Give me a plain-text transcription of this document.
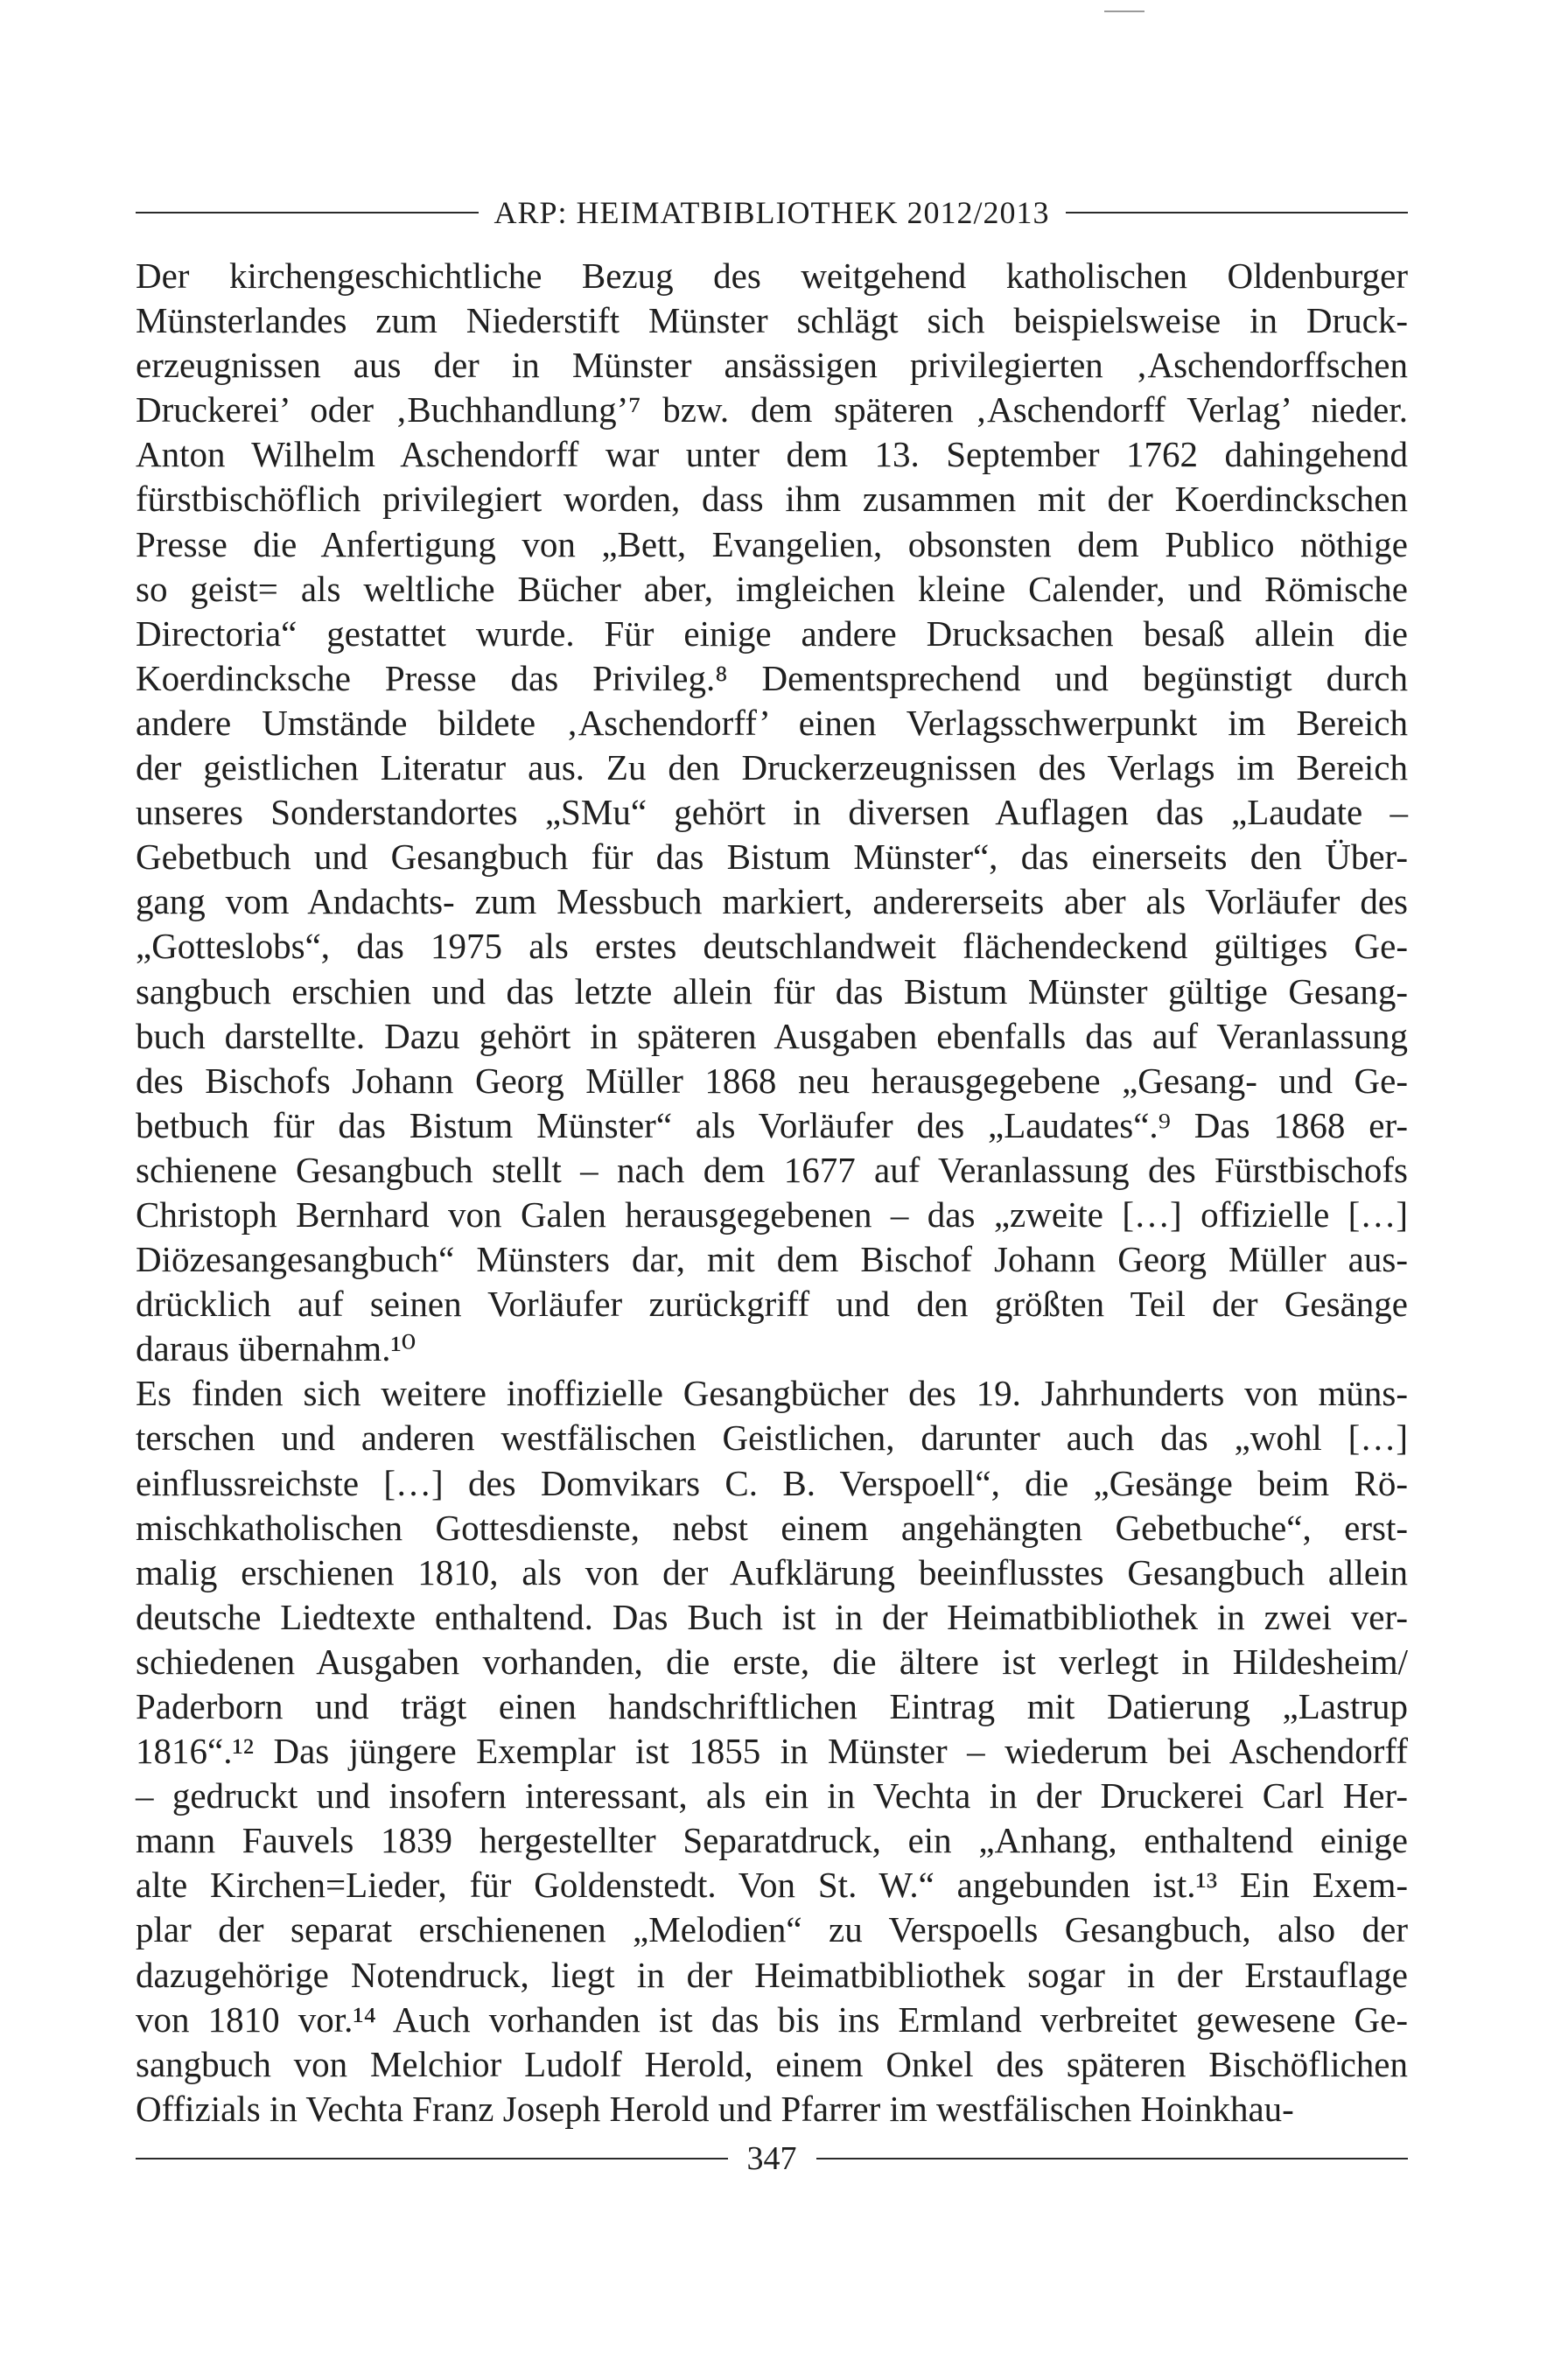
ARP: HEIMATBIBLIOTHEK 2012/2013
Der kirchengeschichtliche Bezug des weitgehend katholischen Oldenburger
Münsterlandes zum Niederstift Münster schlägt sich beispielsweise in Druck-
erzeugnissen aus der in Münster ansässigen privilegierten ‚Aschendorffschen
Druckerei’ oder ‚Buchhandlung’⁷ bzw. dem späteren ‚Aschendorff Verlag’ nieder.
Anton Wilhelm Aschendorff war unter dem 13. September 1762 dahingehend
fürstbischöflich privilegiert worden, dass ihm zusammen mit der Koerdinckschen
Presse die Anfertigung von „Bett, Evangelien, obsonsten dem Publico nöthige
so geist= als weltliche Bücher aber, imgleichen kleine Calender, und Römische
Directoria“ gestattet wurde. Für einige andere Drucksachen besaß allein die
Koerdincksche Presse das Privileg.⁸ Dementsprechend und begünstigt durch
andere Umstände bildete ‚Aschendorff’ einen Verlagsschwerpunkt im Bereich
der geistlichen Literatur aus. Zu den Druckerzeugnissen des Verlags im Bereich
unseres Sonderstandortes „SMu“ gehört in diversen Auflagen das „Laudate –
Gebetbuch und Gesangbuch für das Bistum Münster“, das einerseits den Über-
gang vom Andachts- zum Messbuch markiert, andererseits aber als Vorläufer des
„Gotteslobs“, das 1975 als erstes deutschlandweit flächendeckend gültiges Ge-
sangbuch erschien und das letzte allein für das Bistum Münster gültige Gesang-
buch darstellte. Dazu gehört in späteren Ausgaben ebenfalls das auf Veranlassung
des Bischofs Johann Georg Müller 1868 neu herausgegebene „Gesang- und Ge-
betbuch für das Bistum Münster“ als Vorläufer des „Laudates“.⁹ Das 1868 er-
schienene Gesangbuch stellt – nach dem 1677 auf Veranlassung des Fürstbischofs
Christoph Bernhard von Galen herausgegebenen – das „zweite […] offizielle […]
Diözesangesangbuch“ Münsters dar, mit dem Bischof Johann Georg Müller aus-
drücklich auf seinen Vorläufer zurückgriff und den größten Teil der Gesänge
daraus übernahm.¹⁰
Es finden sich weitere inoffizielle Gesangbücher des 19. Jahrhunderts von müns-
terschen und anderen westfälischen Geistlichen, darunter auch das „wohl […]
einflussreichste […] des Domvikars C. B. Verspoell“, die „Gesänge beim Rö-
mischkatholischen Gottesdienste, nebst einem angehängten Gebetbuche“, erst-
malig erschienen 1810, als von der Aufklärung beeinflusstes Gesangbuch allein
deutsche Liedtexte enthaltend. Das Buch ist in der Heimatbibliothek in zwei ver-
schiedenen Ausgaben vorhanden, die erste, die ältere ist verlegt in Hildesheim/
Paderborn und trägt einen handschriftlichen Eintrag mit Datierung „Lastrup
1816“.¹² Das jüngere Exemplar ist 1855 in Münster – wiederum bei Aschendorff
– gedruckt und insofern interessant, als ein in Vechta in der Druckerei Carl Her-
mann Fauvels 1839 hergestellter Separatdruck, ein „Anhang, enthaltend einige
alte Kirchen=Lieder, für Goldenstedt. Von St. W.“ angebunden ist.¹³ Ein Exem-
plar der separat erschienenen „Melodien“ zu Verspoells Gesangbuch, also der
dazugehörige Notendruck, liegt in der Heimatbibliothek sogar in der Erstauflage
von 1810 vor.¹⁴ Auch vorhanden ist das bis ins Ermland verbreitet gewesene Ge-
sangbuch von Melchior Ludolf Herold, einem Onkel des späteren Bischöflichen
Offizials in Vechta Franz Joseph Herold und Pfarrer im westfälischen Hoinkhau-
347
